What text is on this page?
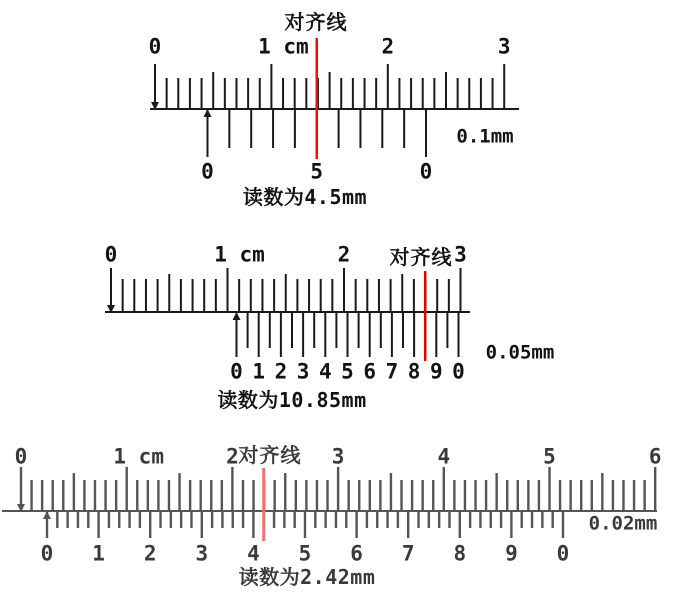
对齐线
0	1 cm	2	3
0	5	0
0.1mm
读数为4.5mm
对齐线
0	1 cm	2	3
0 1 2 3 4 5 6 7 8 9 0
0.05mm
读数为10.85mm
对齐线
0	1 cm	2	3	4	5	6
0 1 2 3 4 5 6 7 8 9 0
0.02mm
读数为2.42mm
